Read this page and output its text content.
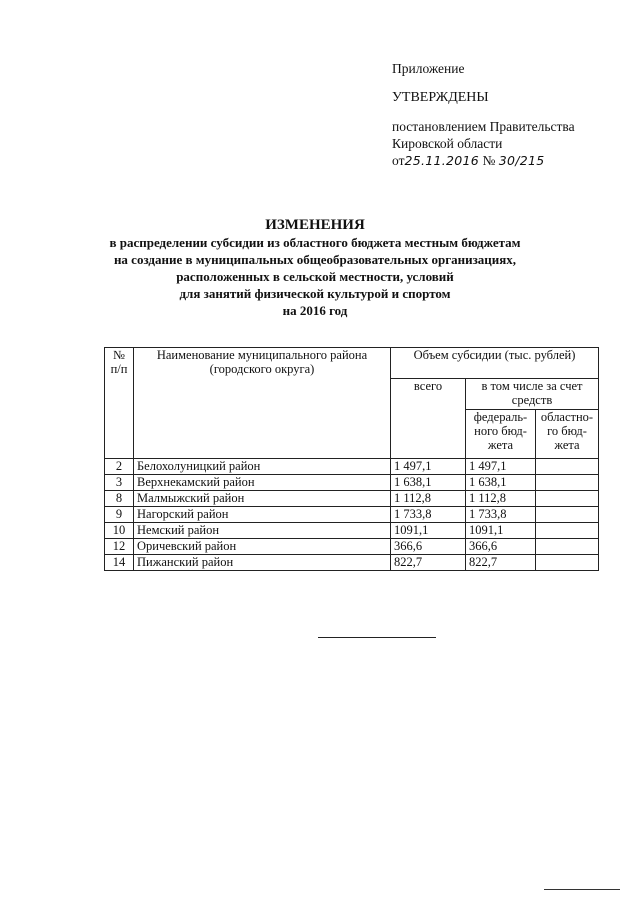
Приложение
УТВЕРЖДЕНЫ
постановлением Правительства
Кировской области
от25.11.2016 № 30/215
ИЗМЕНЕНИЯ
в распределении субсидии из областного бюджета местным бюджетам
на создание в муниципальных общеобразовательных организациях,
расположенных в сельской местности, условий
для занятий физической культурой и спортом
на 2016 год
№ п/п	Наименование муниципального района (городского округа)	Объем субсидии (тыс. рублей)		
		всего	в том числе за счет средств	
			федераль-ного бюд-жета	областно-го бюд-жета
2	Белохолуницкий район	1 497,1	1 497,1	
3	Верхнекамский район	1 638,1	1 638,1	
8	Малмыжский район	1 112,8	1 112,8	
9	Нагорский район	1 733,8	1 733,8	
10	Немский район	1091,1	1091,1	
12	Оричевский район	366,6	366,6	
14	Пижанский район	822,7	822,7	
